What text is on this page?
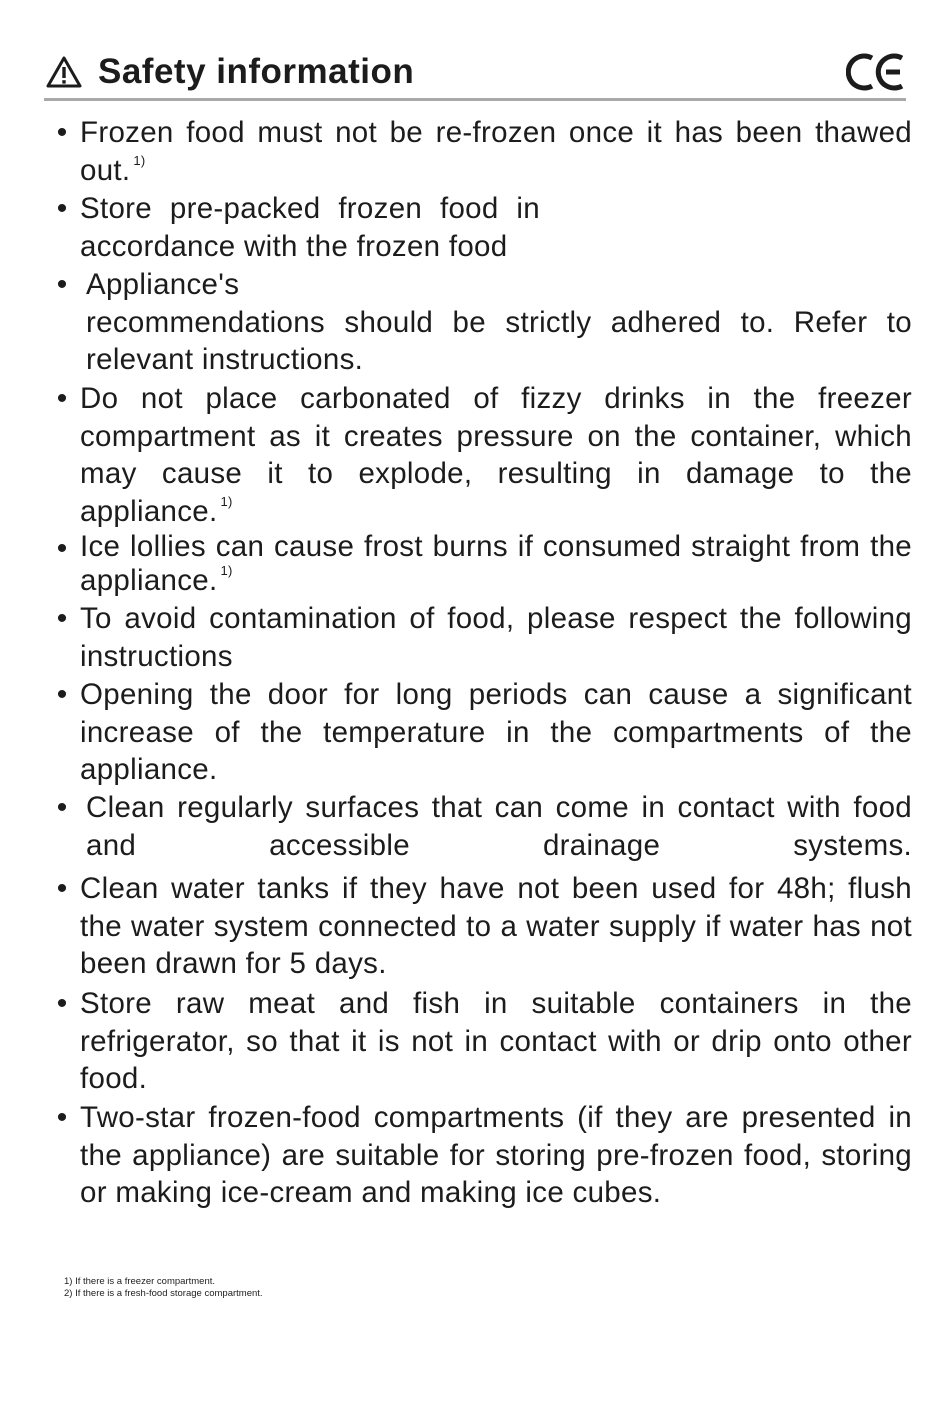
Safety information
• Frozen food must not be re-frozen once it has been thawed out. $^{1)}$
• Store pre-packed frozen food in accordance with the frozen food
• Appliance's
recommendations should be strictly adhered to. Refer to relevant instructions.
• Do not place carbonated of fizzy drinks in the freezer compartment as it creates pressure on the container, which may cause it to explode, resulting in damage to the appliance. $^{1)}$
• Ice lollies can cause frost burns if consumed straight from the appliance. $^{1)}$
• To avoid contamination of food, please respect the following instructions
• Opening the door for long periods can cause a significant increase of the temperature in the compartments of the appliance.
• Clean regularly surfaces that can come in contact with food and accessible drainage systems.
• Clean water tanks if they have not been used for 48h; flush the water system connected to a water supply if water has not been drawn for 5 days.
• Store raw meat and fish in suitable containers in the refrigerator, so that it is not in contact with or drip onto other food.
• Two-star frozen-food compartments (if they are presented in the appliance) are suitable for storing pre-frozen food, storing or making ice-cream and making ice cubes.
1) If there is a freezer compartment.
2) If there is a fresh-food storage compartment.
